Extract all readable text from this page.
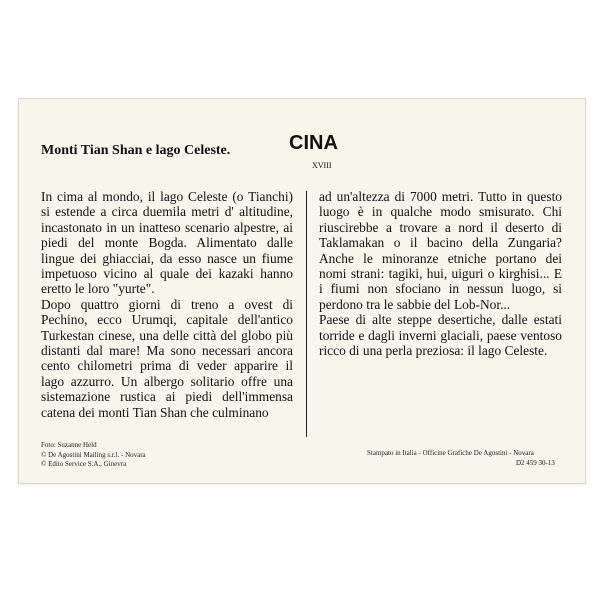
Monti Tian Shan e lago Celeste.	CINA
XVIII

In cima al mondo, il lago Celeste (o Tianchi) si estende a circa duemila metri d' altitudine, incastonato in un inatteso scenario alpestre, ai piedi del monte Bogda. Alimentato dalle lingue dei ghiacciai, da esso nasce un fiume impetuoso vicino al quale dei kazaki hanno eretto le loro "yurte".

Dopo quattro giorni di treno a ovest di Pechino, ecco Urumqi, capitale dell'antico Turkestan cinese, una delle città del globo più distanti dal mare! Ma sono necessari ancora cento chilometri prima di veder apparire il lago azzurro. Un albergo solitario offre una sistemazione rustica ai piedi dell'immensa catena dei monti Tian Shan che culminano

ad un'altezza di 7000 metri. Tutto in questo luogo è in qualche modo smisurato. Chi riuscirebbe a trovare a nord il deserto di Taklamakan o il bacino della Zungaria? Anche le minoranze etniche portano dei nomi strani: tagiki, hui, uiguri o kirghisi... E i fiumi non sfociano in nessun luogo, si perdono tra le sabbie del Lob-Nor...

Paese di alte steppe desertiche, dalle estati torride e dagli inverni glaciali, paese ventoso ricco di una perla preziosa: il lago Celeste.

Foto: Suzanne Held
© De Agostini Mailing s.r.l. - Novara
© Edito Service S.A., Ginevra
Stampato in Italia - Officine Grafiche De Agostini - Novara
D2 459 30-13
